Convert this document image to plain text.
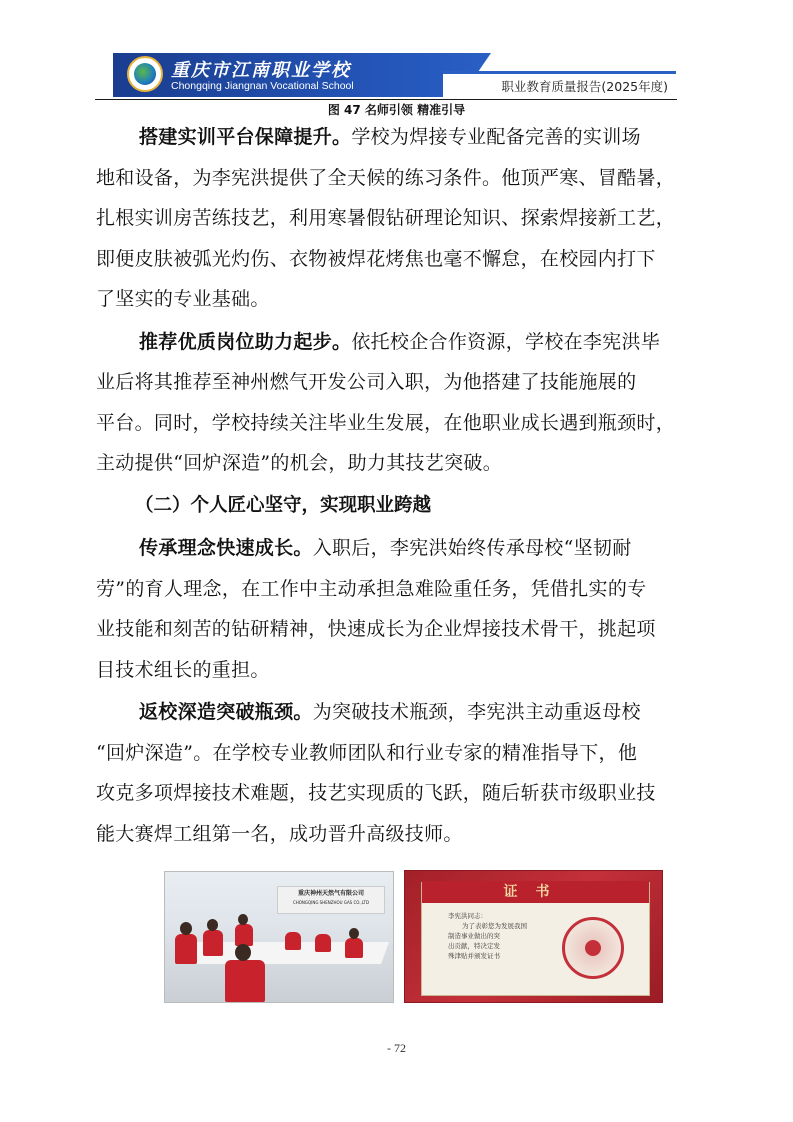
重庆市江南职业学校
Chongqing Jiangnan Vocational School	职业教育质量报告(2025年度)
图 47 名师引领 精准引导

搭建实训平台保障提升。学校为焊接专业配备完善的实训场
地和设备，为李宪洪提供了全天候的练习条件。他顶严寒、冒酷暑，
扎根实训房苦练技艺，利用寒暑假钻研理论知识、探索焊接新工艺，
即便皮肤被弧光灼伤、衣物被焊花烤焦也毫不懈怠，在校园内打下
了坚实的专业基础。

推荐优质岗位助力起步。依托校企合作资源，学校在李宪洪毕
业后将其推荐至神州燃气开发公司入职，为他搭建了技能施展的
平台。同时，学校持续关注毕业生发展，在他职业成长遇到瓶颈时，
主动提供“回炉深造”的机会，助力其技艺突破。

（二）个人匠心坚守，实现职业跨越

传承理念快速成长。入职后，李宪洪始终传承母校“坚韧耐
劳”的育人理念，在工作中主动承担急难险重任务，凭借扎实的专
业技能和刻苦的钻研精神，快速成长为企业焊接技术骨干，挑起项
目技术组长的重担。

返校深造突破瓶颈。为突破技术瓶颈，李宪洪主动重返母校
“回炉深造”。在学校专业教师团队和行业专家的精准指导下，他
攻克多项焊接技术难题，技艺实现质的飞跃，随后斩获市级职业技
能大赛焊工组第一名，成功晋升高级技师。

重庆神州天然气有限公司
CHONGQING SHENZHOU GAS CO.,LTD
证书
李宪洪同志：
为了表彰您为发展我国
制造事业做出的突
出贡献，特决定发
殊津贴并颁发证书
- 72
